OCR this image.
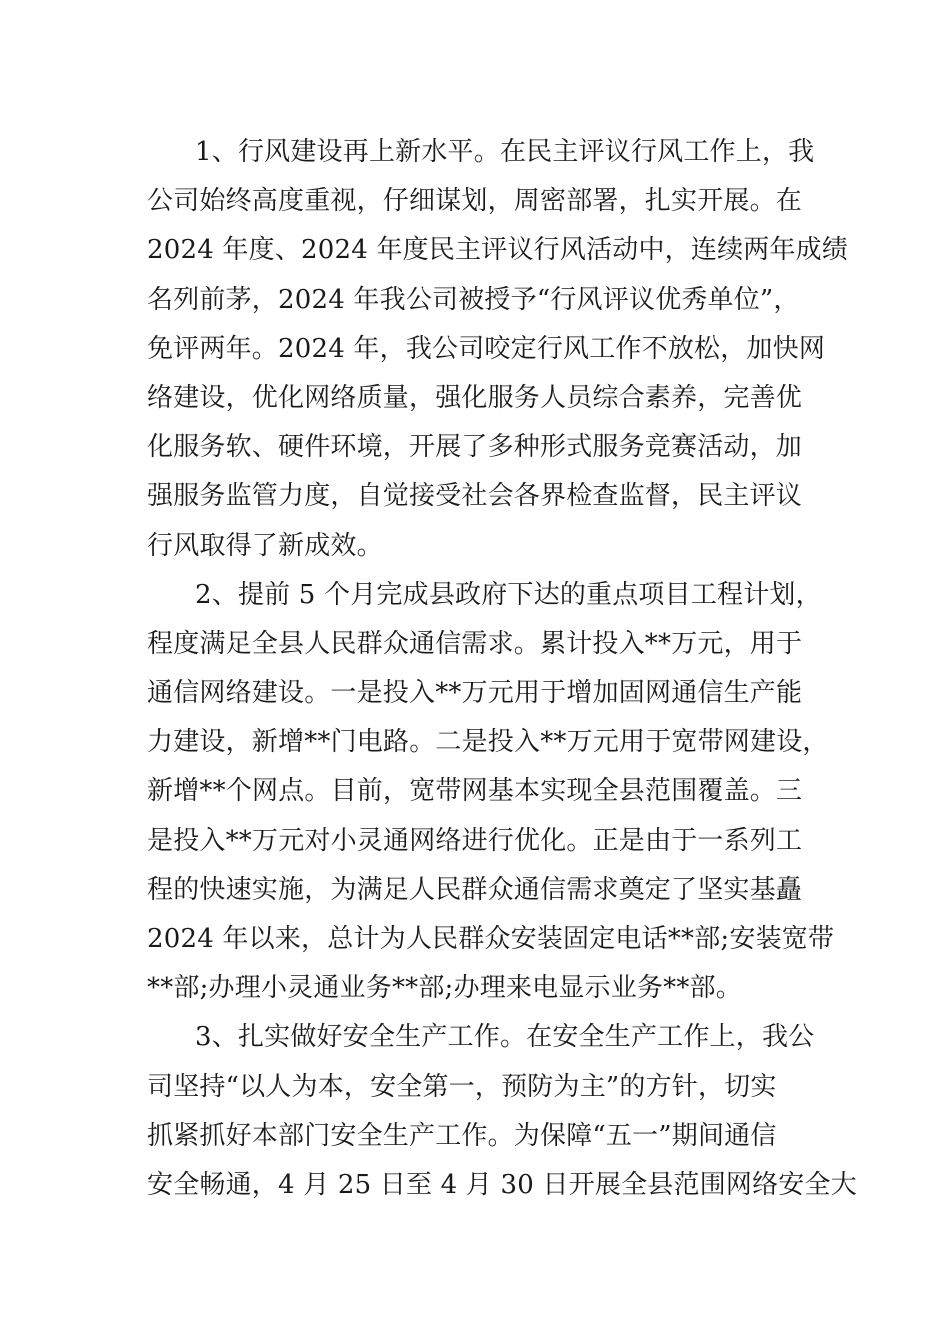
1、行风建设再上新水平。在民主评议行风工作上，我
公司始终高度重视，仔细谋划，周密部署，扎实开展。在
2024 年度、2024 年度民主评议行风活动中，连续两年成绩
名列前茅，2024 年我公司被授予“行风评议优秀单位”，
免评两年。2024 年，我公司咬定行风工作不放松，加快网
络建设，优化网络质量，强化服务人员综合素养，完善优
化服务软、硬件环境，开展了多种形式服务竞赛活动，加
强服务监管力度，自觉接受社会各界检查监督，民主评议
行风取得了新成效。
2、提前 5 个月完成县政府下达的重点项目工程计划，
程度满足全县人民群众通信需求。累计投入**万元，用于
通信网络建设。一是投入**万元用于增加固网通信生产能
力建设，新增**门电路。二是投入**万元用于宽带网建设，
新增**个网点。目前，宽带网基本实现全县范围覆盖。三
是投入**万元对小灵通网络进行优化。正是由于一系列工
程的快速实施，为满足人民群众通信需求奠定了坚实基矗
2024 年以来，总计为人民群众安装固定电话**部;安装宽带
**部;办理小灵通业务**部;办理来电显示业务**部。
3、扎实做好安全生产工作。在安全生产工作上，我公
司坚持“以人为本，安全第一，预防为主”的方针，切实
抓紧抓好本部门安全生产工作。为保障“五一”期间通信
安全畅通，4 月 25 日至 4 月 30 日开展全县范围网络安全大
